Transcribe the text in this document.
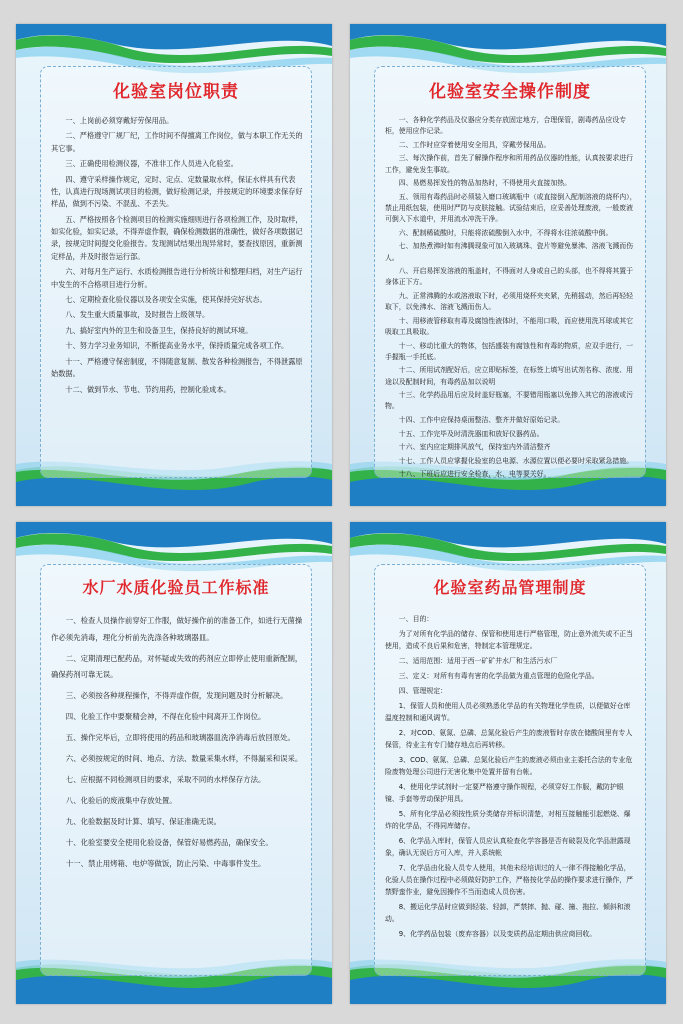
化验室岗位职责

一、上岗前必须穿戴好劳保用品。

二、严格遵守厂规厂纪，工作时间不得擅离工作岗位，做与本职工作无关的其它事。

三、正确使用检测仪器，不准非工作人员进入化验室。

四、遵守采样操作规定，定时、定点、定数量取水样，保证水样具有代表性，认真进行现场测试项目的检测，做好检测记录，并按规定的环境要求保存好样品，做到不污染、不混乱、不丢失。

五、严格按照各个检测项目的检测实施细则进行各项检测工作，及时取样，如实化验，如实记录，不得弄虚作假，确保检测数据的准确性，做好各项数据记录，按规定时间提交化验报告。发现测试结果出现异常时，要查找原因，重新测定样品，并及时报告运行部。

六、对每月生产运行、水质检测报告进行分析统计和整理归档，对生产运行中发生的不合格项目进行分析。

七、定期检查化验仪器以及各项安全实施，使其保持完好状态。

八、发生重大质量事故，及时报告上级领导。

九、搞好室内外的卫生和设备卫生，保持良好的测试环境。

十、努力学习业务知识，不断提高业务水平，保持质量完成各项工作。

十一、严格遵守保密制度，不得随意复制、散发各种检测报告，不得泄露原始数据。

十二、做到节水、节电、节约用药，控制化验成本。

化验室安全操作制度

一、各种化学药品及仪器应分类存放固定地方，合理保管，剧毒药品应设专柜，使用应作记录。

二、工作时应穿着使用安全用具，穿戴劳保用品。

三、每次操作前，首先了解操作程序和所用药品仪器的性能，认真按要求进行工作，避免发生事故。

四、易燃易挥发性的物品加热时，不得使用火直接加热。

五、领用有毒药品时必须装入磨口玻璃瓶中（或直接倒入配制溶液的烧杯内），禁止用纸包装，使用时严防与皮肤接触。试验结束后，应妥善处理废液，一般废液可倒入下水道中，并用流水冲洗干净。

六、配制稀硫酸时，只能将浓硫酸倒入水中，不得将水往浓硫酸中倒。

七、加热煮沸时如有沸腾现象可加入玻璃珠、瓷片等避免暴沸、溶液飞溅而伤人。

八、开启易挥发溶液的瓶盖时，不得面对人身或自己的头部，也不得将其置于身体正下方。

九、正常沸腾的水或溶液取下时，必须用烧杯夹夹紧，先稍摇动，然后再轻轻取下，以免沸水、溶液飞溅而伤人。

十、用移液管移取有毒及腐蚀性液体时，不能用口吸，而应使用洗耳球或其它吸取工具吸取。

十一、移动比重大的物体，包括盛装有腐蚀性和有毒的物质，应双手进行，一手握瓶一手托底。

十二、所用试剂配好后，应立即贴标签，在标签上填写出试剂名称、浓度、用途以及配制时间，有毒药品加以说明

十三、化学药品用后应及时盖好瓶塞，不要错用瓶塞以免掺入其它的溶液或污物。

十四、工作中应保持桌面整洁、整齐并做好原始记录。

十五、工作完毕及时清洗器皿和放好仪器药品。

十六、室内应定期排风放气，保持室内外清洁整齐

十七、工作人员应掌握化验室的总电源、水源位置以便必要时采取紧急措施。

十八、下班后应进行安全检查，水、电等要关好。

水厂水质化验员工作标准

一、检查人员操作前穿好工作服，做好操作前的准备工作，如进行无菌操作必须先消毒，理化分析前先洗涤各种玻璃器皿。

二、定期清理已配药品，对怀疑或失效的药剂应立即停止使用重新配制，确保药剂可靠无误。

三、必须按各种规程操作，不得弄虚作假，发现问题及时分析解决。

四、化验工作中要聚精会神，不得在化验中间离开工作岗位。

五、操作完毕后，立即将使用的药品和玻璃器皿洗净消毒后放回原处。

六、必须按规定的时间、地点、方法、数量采集水样，不得漏采和误采。

七、应根据不同检测项目的要求，采取不同的水样保存方法。

八、化验后的废液集中存放处置。

九、化验数据及时计算、填写、保证准确无误。

十、化验室要安全使用化验设备，保管好易燃药品，确保安全。

十一、禁止用烤箱、电炉等做饭，防止污染、中毒事件发生。

化验室药品管理制度

一、目的：

为了对所有化学品的储存、保管和使用进行严格管理，防止意外流失或不正当使用，造成不良后果和危害，特制定本管理规定。

二、适用范围：适用于西一矿矿井水厂和生活污水厂

三、定义：对所有有毒有害的化学品做为重点管理的危险化学品。

四、管理规定：

1、保管人员和使用人员必须熟悉化学品的有关物理化学性质，以便做好仓库温度控制和通风调节。

2、对COD、氨氮、总磷、总氮化验后产生的废液暂时存放在储酸间里有专人保管，待业主有专门储存地点后再转移。

3、COD、氨氮、总磷、总氮化验后产生的废液必须由业主委托合法的专业危险废物处理公司进行无害化集中处置并留有台帐。

4、使用化学试剂时一定要严格遵守操作规程，必须穿好工作服，戴防护眼镜、手套等劳动保护用具。

5、所有化学品必须按性质分类储存并标识清楚，对相互接触能引起燃烧、爆炸的化学品，不得同库储存。

6、化学品入库时，保管人员应认真检查化学容器是否有破裂及化学品泄露现象，确认无误后方可入库，并入系统帐

7、化学品由化验人员专人使用，其他未经培训过的人一律不得接触化学品，化验人员在操作过程中必须做好防护工作，严格按化学品的操作要求进行操作，严禁野蛮作业，避免因操作不当而造成人员伤害。

8、搬运化学品时应做到轻装、轻卸，严禁摔、抛、碰、撞、拖拉、倾斜和滚动。

9、化学药品包装（废弃容器）以及变质药品定期由供应商回收。
